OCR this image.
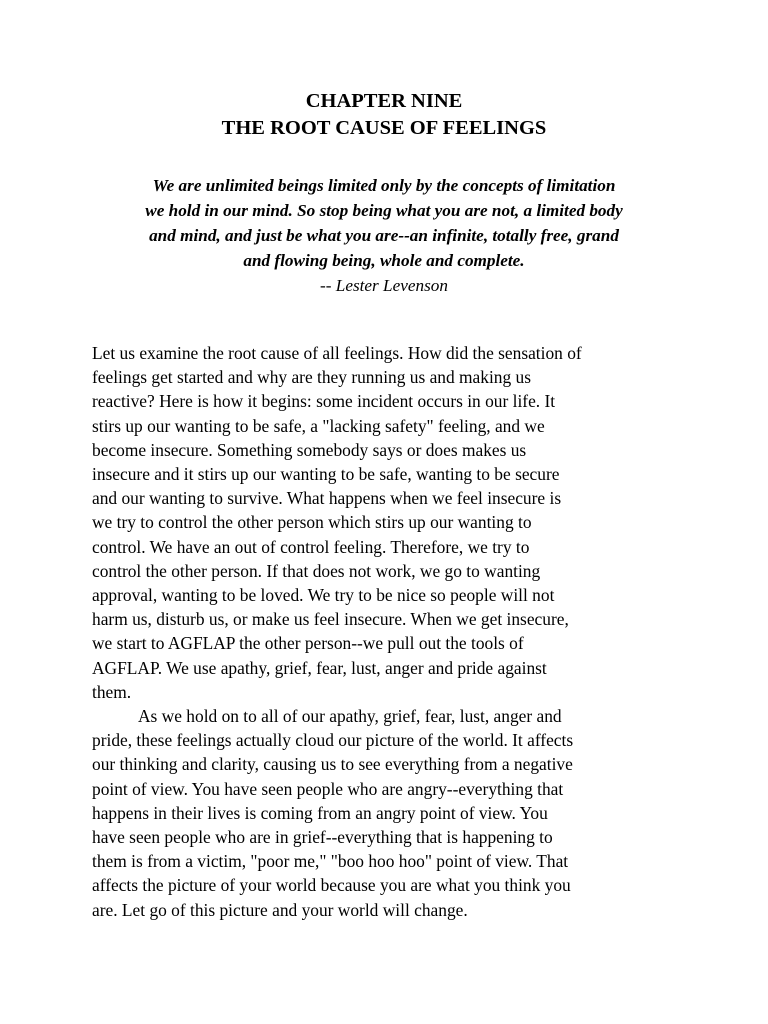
CHAPTER NINE
THE ROOT CAUSE OF FEELINGS
We are unlimited beings limited only by the concepts of limitation
we hold in our mind. So stop being what you are not, a limited body
and mind, and just be what you are--an infinite, totally free, grand
and flowing being, whole and complete.
-- Lester Levenson
Let us examine the root cause of all feelings. How did the sensation of
feelings get started and why are they running us and making us
reactive? Here is how it begins: some incident occurs in our life. It
stirs up our wanting to be safe, a "lacking safety" feeling, and we
become insecure. Something somebody says or does makes us
insecure and it stirs up our wanting to be safe, wanting to be secure
and our wanting to survive. What happens when we feel insecure is
we try to control the other person which stirs up our wanting to
control. We have an out of control feeling. Therefore, we try to
control the other person. If that does not work, we go to wanting
approval, wanting to be loved. We try to be nice so people will not
harm us, disturb us, or make us feel insecure. When we get insecure,
we start to AGFLAP the other person--we pull out the tools of
AGFLAP. We use apathy, grief, fear, lust, anger and pride against
them.
As we hold on to all of our apathy, grief, fear, lust, anger and
pride, these feelings actually cloud our picture of the world. It affects
our thinking and clarity, causing us to see everything from a negative
point of view. You have seen people who are angry--everything that
happens in their lives is coming from an angry point of view. You
have seen people who are in grief--everything that is happening to
them is from a victim, "poor me," "boo hoo hoo" point of view. That
affects the picture of your world because you are what you think you
are. Let go of this picture and your world will change.
